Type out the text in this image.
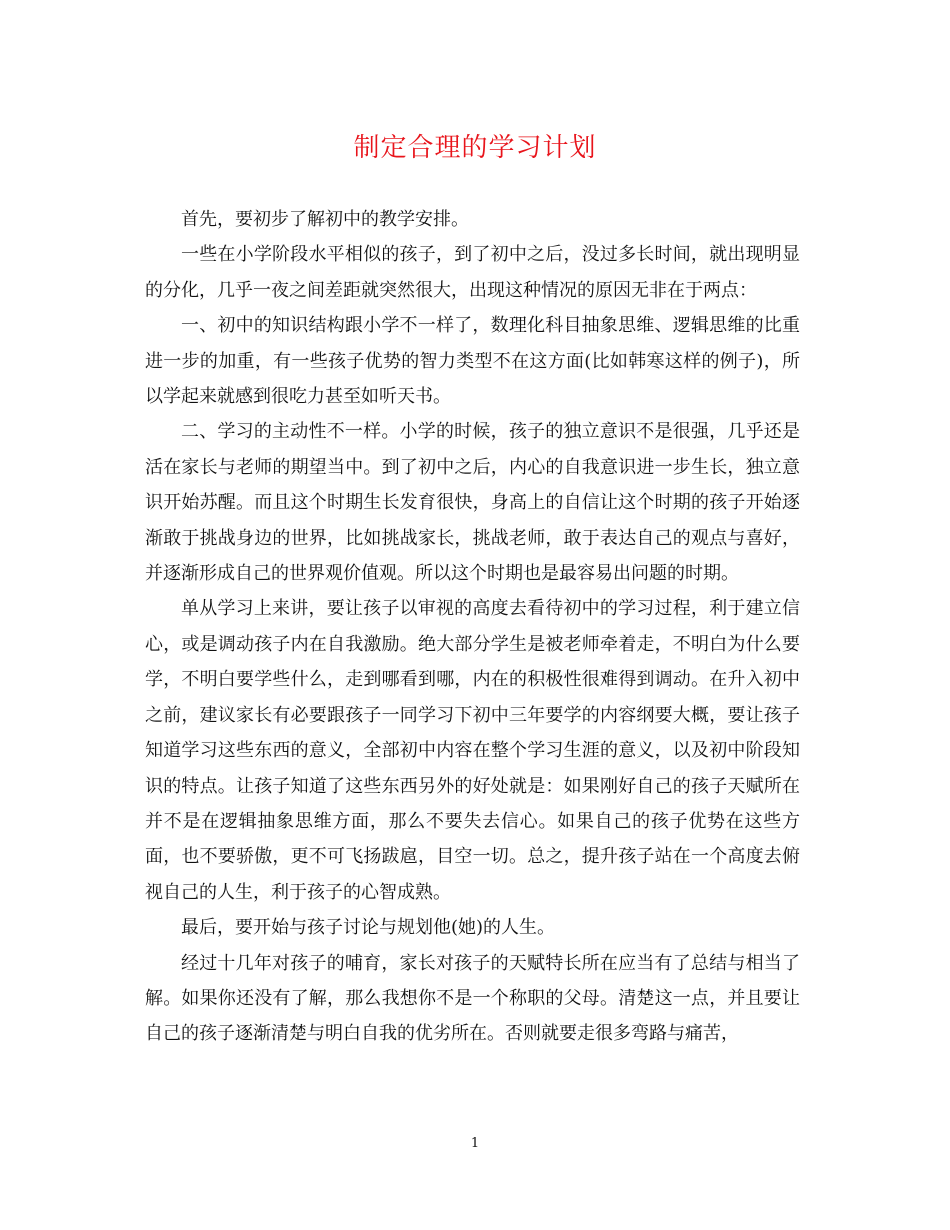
制定合理的学习计划

首先，要初步了解初中的教学安排。

一些在小学阶段水平相似的孩子，到了初中之后，没过多长时间，就出现明显的分化，几乎一夜之间差距就突然很大，出现这种情况的原因无非在于两点：

一、初中的知识结构跟小学不一样了，数理化科目抽象思维、逻辑思维的比重进一步的加重，有一些孩子优势的智力类型不在这方面(比如韩寒这样的例子)，所以学起来就感到很吃力甚至如听天书。

二、学习的主动性不一样。小学的时候，孩子的独立意识不是很强，几乎还是活在家长与老师的期望当中。到了初中之后，内心的自我意识进一步生长，独立意识开始苏醒。而且这个时期生长发育很快，身高上的自信让这个时期的孩子开始逐渐敢于挑战身边的世界，比如挑战家长，挑战老师，敢于表达自己的观点与喜好，并逐渐形成自己的世界观价值观。所以这个时期也是最容易出问题的时期。

单从学习上来讲，要让孩子以审视的高度去看待初中的学习过程，利于建立信心，或是调动孩子内在自我激励。绝大部分学生是被老师牵着走，不明白为什么要学，不明白要学些什么，走到哪看到哪，内在的积极性很难得到调动。在升入初中之前，建议家长有必要跟孩子一同学习下初中三年要学的内容纲要大概，要让孩子知道学习这些东西的意义，全部初中内容在整个学习生涯的意义，以及初中阶段知识的特点。让孩子知道了这些东西另外的好处就是：如果刚好自己的孩子天赋所在并不是在逻辑抽象思维方面，那么不要失去信心。如果自己的孩子优势在这些方面，也不要骄傲，更不可飞扬跋扈，目空一切。总之，提升孩子站在一个高度去俯视自己的人生，利于孩子的心智成熟。

最后，要开始与孩子讨论与规划他(她)的人生。

经过十几年对孩子的哺育，家长对孩子的天赋特长所在应当有了总结与相当了解。如果你还没有了解，那么我想你不是一个称职的父母。清楚这一点，并且要让自己的孩子逐渐清楚与明白自我的优劣所在。否则就要走很多弯路与痛苦，

1
